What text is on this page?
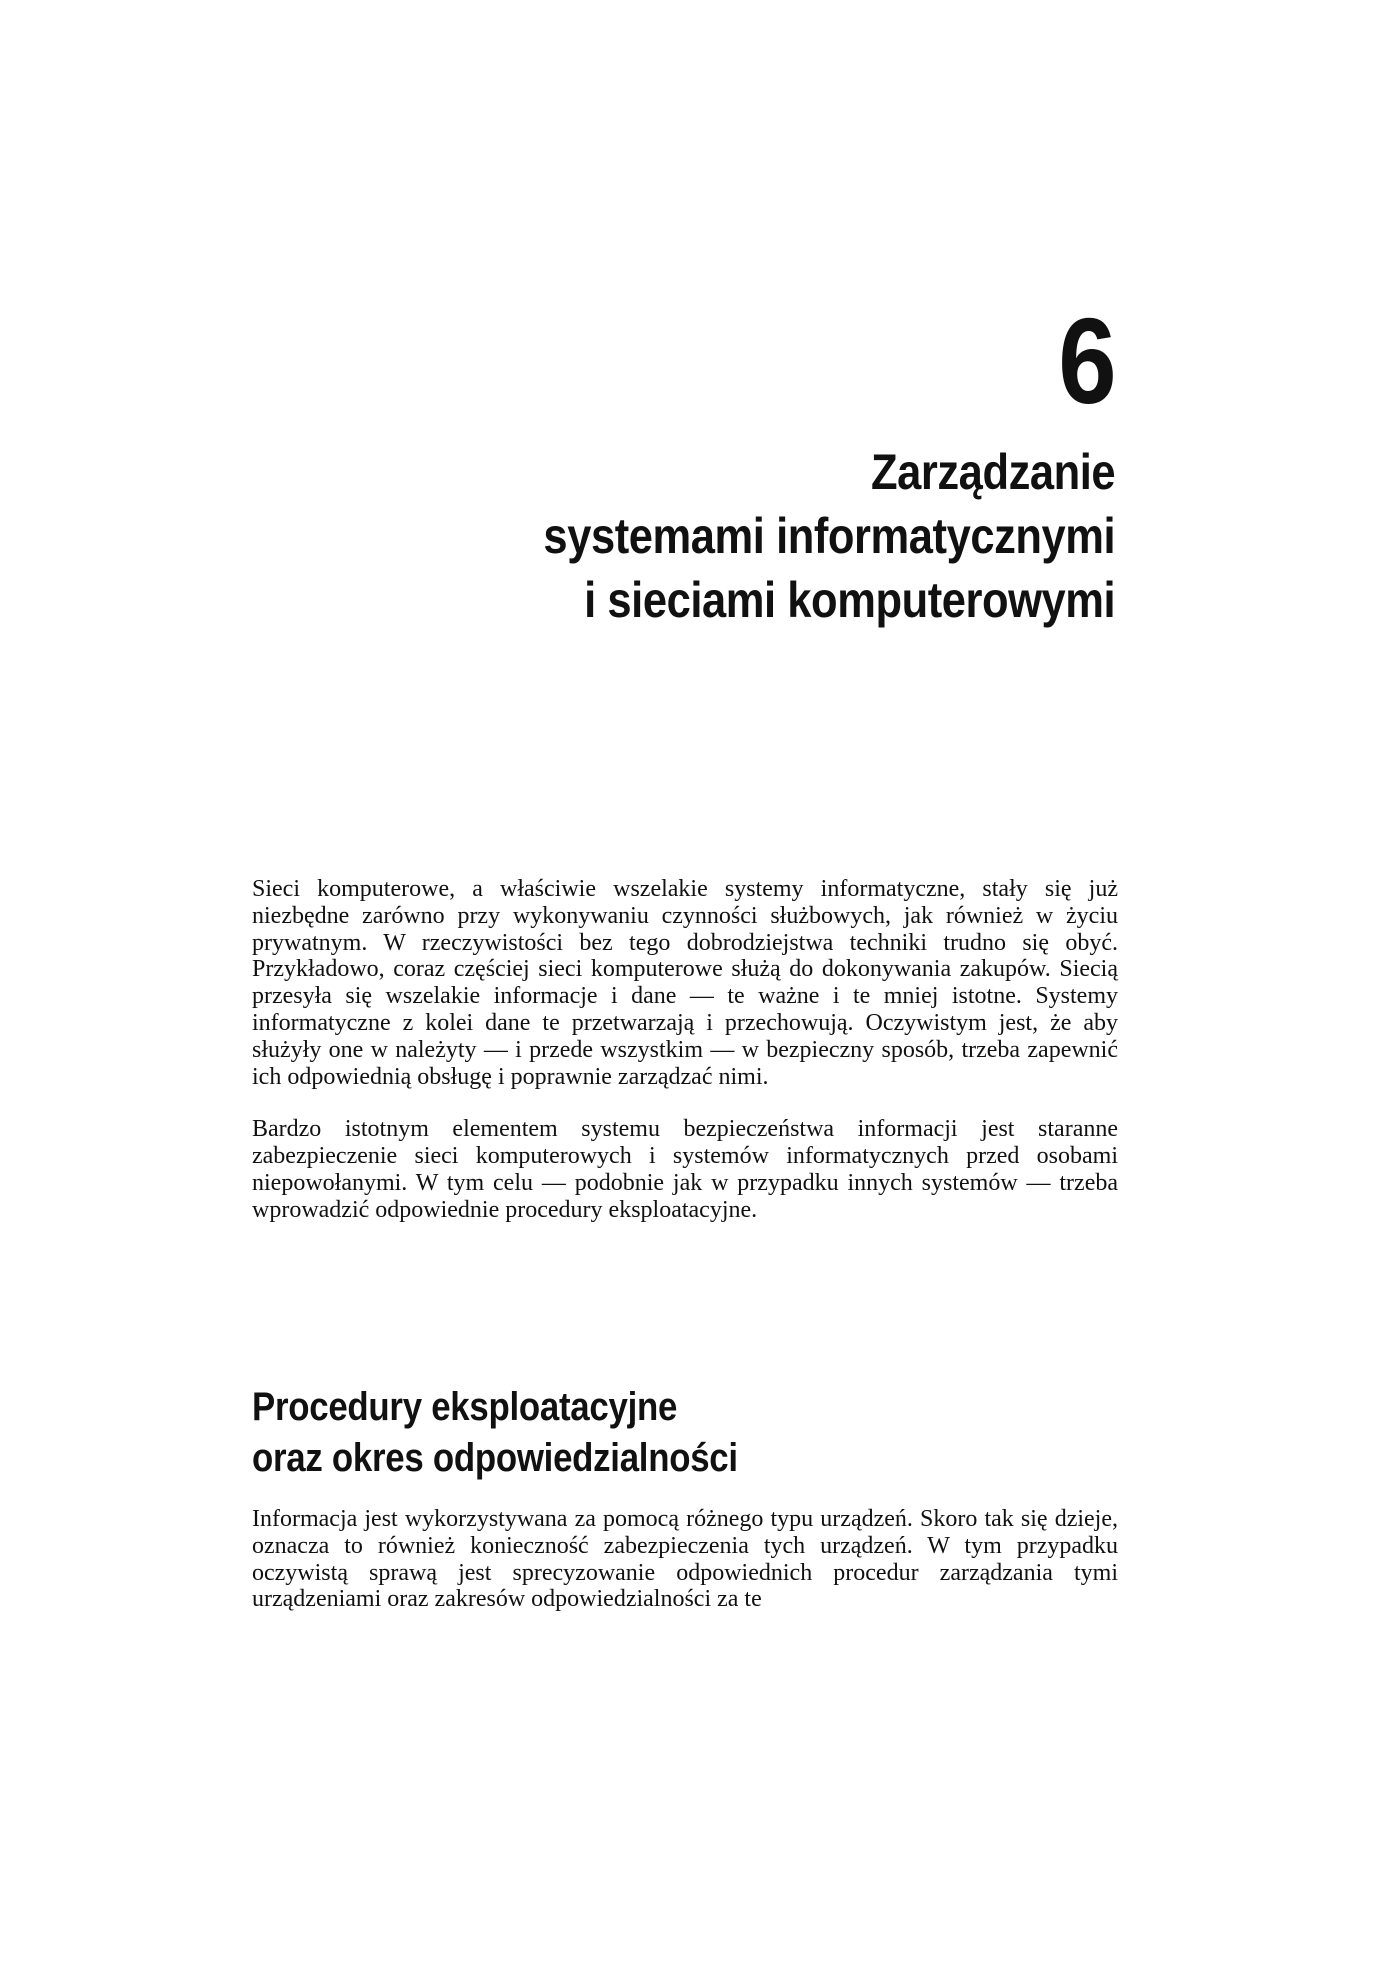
6
Zarządzanie
systemami informatycznymi
i sieciami komputerowymi

Sieci komputerowe, a właściwie wszelakie systemy informatyczne, stały się już niezbędne zarówno przy wykonywaniu czynności służbowych, jak również w życiu prywatnym. W rzeczywistości bez tego dobrodziejstwa techniki trudno się obyć. Przykładowo, coraz częściej sieci komputerowe służą do dokonywania zakupów. Siecią przesyła się wszelakie informacje i dane — te ważne i te mniej istotne. Systemy informatyczne z kolei dane te przetwarzają i przechowują. Oczywistym jest, że aby służyły one w należyty — i przede wszystkim — w bezpieczny sposób, trzeba zapewnić ich odpowiednią obsługę i poprawnie zarządzać nimi.

Bardzo istotnym elementem systemu bezpieczeństwa informacji jest staranne zabezpieczenie sieci komputerowych i systemów informatycznych przed osobami niepowołanymi. W tym celu — podobnie jak w przypadku innych systemów — trzeba wprowadzić odpowiednie procedury eksploatacyjne.

Procedury eksploatacyjne
oraz okres odpowiedzialności

Informacja jest wykorzystywana za pomocą różnego typu urządzeń. Skoro tak się dzieje, oznacza to również konieczność zabezpieczenia tych urządzeń. W tym przypadku oczywistą sprawą jest sprecyzowanie odpowiednich procedur zarządzania tymi urządzeniami oraz zakresów odpowiedzialności za te
